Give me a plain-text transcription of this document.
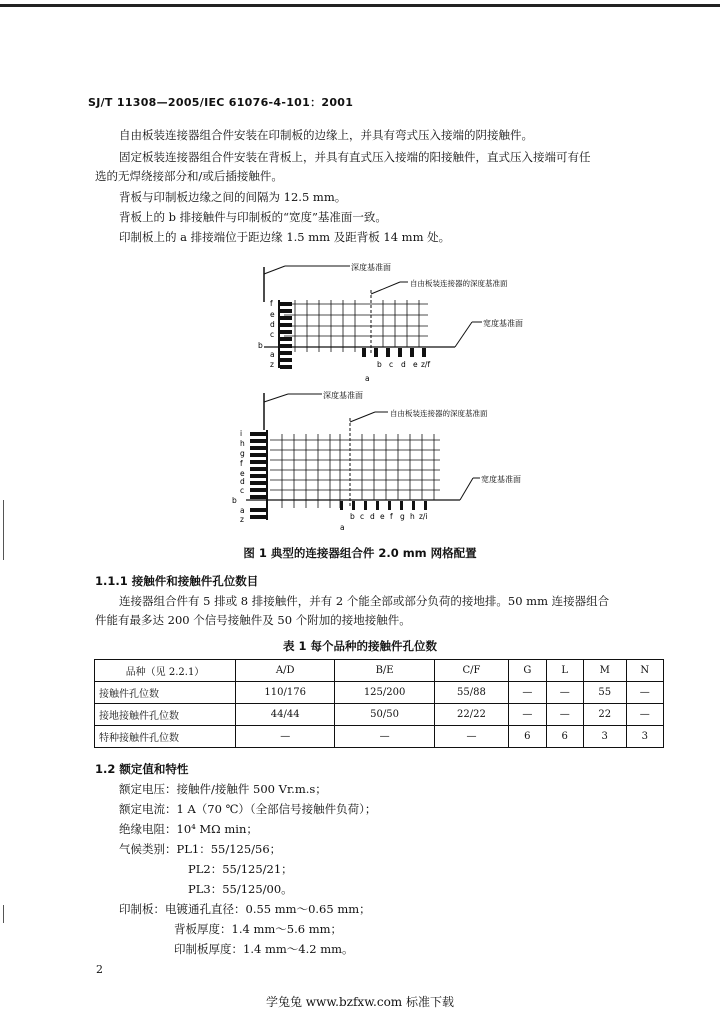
SJ/T 11308—2005/IEC 61076-4-101：2001
自由板装连接器组合件安装在印制板的边缘上，并具有弯式压入接端的阴接触件。
固定板装连接器组合件安装在背板上，并具有直式压入接端的阳接触件，直式压入接端可有任
选的无焊绕接部分和/或后插接触件。
背板与印制板边缘之间的间隔为 12.5 mm。
背板上的 b 排接触件与印制板的“宽度”基准面一致。
印制板上的 a 排接端位于距边缘 1.5 mm 及距背板 14 mm 处。
深度基准面
自由板装连接器的深度基准面
宽度基准面
f
e
d
c
b
a
z	b c d e z/f
a
深度基准面
自由板装连接器的深度基准面
宽度基准面
i
h
g
f
e
d
c
b
a
z	b c d e f g h z/i
a
图 1 典型的连接器组合件 2.0 mm 网格配置
1.1.1 接触件和接触件孔位数目
连接器组合件有 5 排或 8 排接触件，并有 2 个能全部或部分负荷的接地排。50 mm 连接器组合
件能有最多达 200 个信号接触件及 50 个附加的接地接触件。
表 1 每个品种的接触件孔位数
品种（见 2.2.1）	A/D	B/E	C/F	G	L	M	N
接触件孔位数	110/176	125/200	55/88	—	—	55	—
接地接触件孔位数	44/44	50/50	22/22	—	—	22	—
特种接触件孔位数	—	—	—	6	6	3	3
1.2 额定值和特性
额定电压：接触件/接触件 500 Vr.m.s；
额定电流：1 A（70 ℃）（全部信号接触件负荷）；
绝缘电阻：10⁴ MΩ min；
气候类别：PL1：55/125/56；
PL2：55/125/21；
PL3：55/125/00。
印制板：电镀通孔直径：0.55 mm～0.65 mm；
背板厚度：1.4 mm～5.6 mm；
印制板厚度：1.4 mm～4.2 mm。
2
学兔兔 www.bzfxw.com 标准下载
